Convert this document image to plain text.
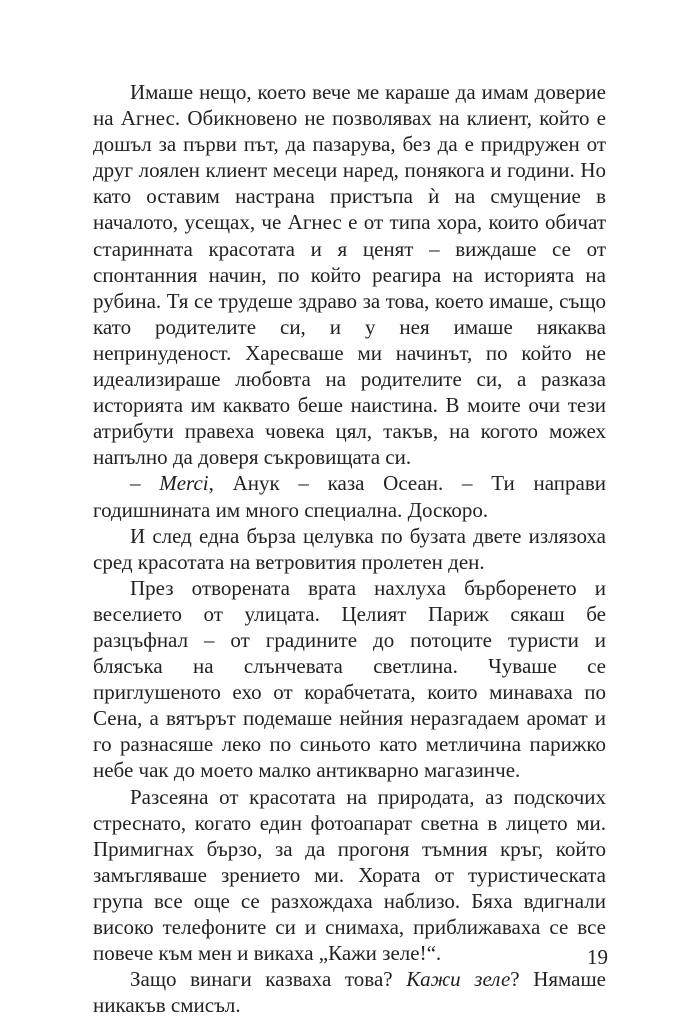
Имаше нещо, което вече ме караше да имам доверие на Агнес. Обикновено не позволявах на клиент, който е дошъл за първи път, да пазарува, без да е придружен от друг лоялен клиент месеци наред, понякога и години. Но като оставим настрана пристъпа ѝ на смущение в началото, усещах, че Агнес е от типа хора, които обичат старинната красотата и я ценят – виждаше се от спонтанния начин, по който реагира на историята на рубина. Тя се трудеше здраво за това, което имаше, също като родителите си, и у нея имаше някаква непринуденост. Харесваше ми начинът, по който не идеализираше любовта на родителите си, а разказа историята им каквато беше наистина. В моите очи тези атрибути правеха човека цял, такъв, на когото можех напълно да доверя съкровищата си.

– Merci, Анук – каза Осеан. – Ти направи годишнината им много специална. Доскоро.

И след една бърза целувка по бузата двете излязоха сред красотата на ветровития пролетен ден.

През отворената врата нахлухa бърборенето и веселието от улицата. Целият Париж сякаш бе разцъфнал – от градините до потоците туристи и блясъка на слънчевата светлина. Чуваше се приглушеното ехо от корабчетата, които минаваха по Сена, а вятърът подемаше нейния неразгадаем аромат и го разнасяше леко по синьото като метличина парижко небе чак до моето малко антикварно магазинче.

Разсеяна от красотата на природата, аз подскочих стреснато, когато един фотоапарат светна в лицето ми. Примигнах бързо, за да прогоня тъмния кръг, който замъгляваше зрението ми. Хората от туристическата група все още се разхождаха наблизо. Бяха вдигнали високо телефоните си и снимаха, приближаваха се все повече към мен и викаха „Кажи зеле!“.

Защо винаги казваха това? Кажи зеле? Нямаше никакъв смисъл.

19
